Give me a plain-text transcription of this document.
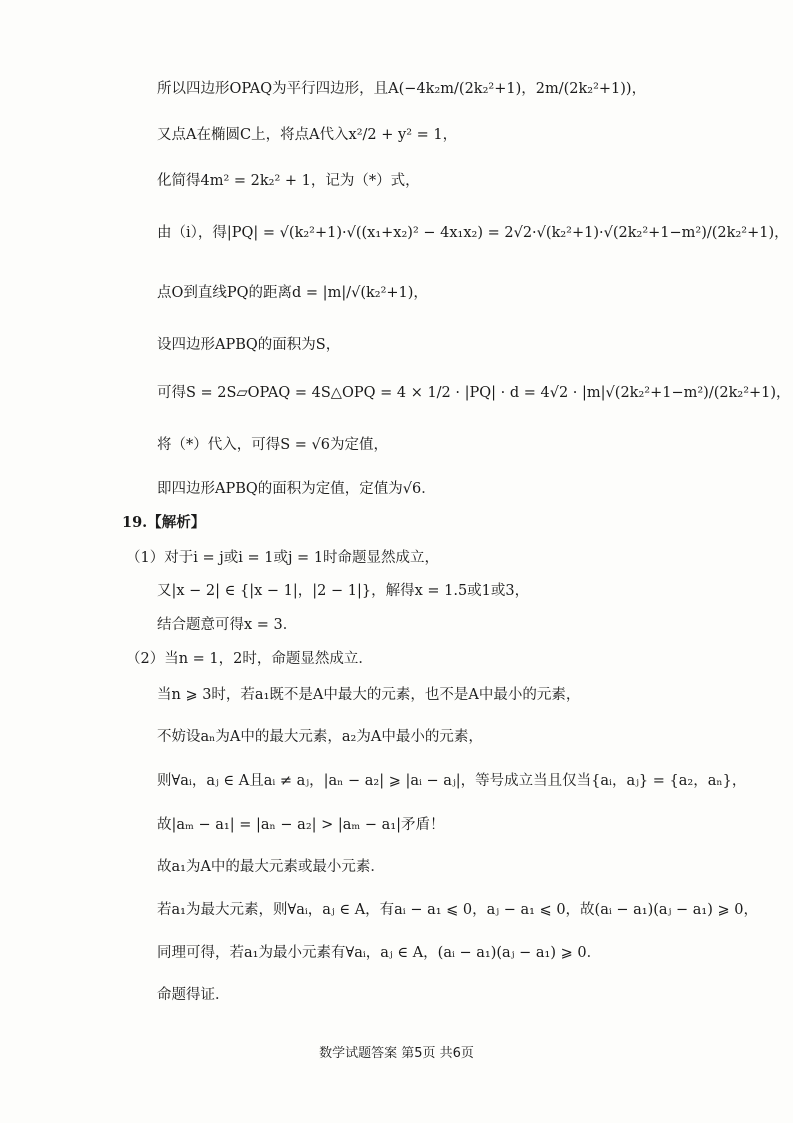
所以四边形OPAQ为平行四边形，且A(−4k₂m/(2k₂²+1)，2m/(2k₂²+1))，
又点A在椭圆C上，将点A代入x²/2 + y² = 1，
化简得4m² = 2k₂² + 1，记为（*）式，
由（i），得|PQ| = √(k₂²+1)·√((x₁+x₂)² − 4x₁x₂) = 2√2·√(k₂²+1)·√(2k₂²+1−m²)/(2k₂²+1)，
点O到直线PQ的距离d = |m|/√(k₂²+1)，
设四边形APBQ的面积为S，
可得S = 2S▱OPAQ = 4S△OPQ = 4 × 1/2 · |PQ| · d = 4√2 · |m|√(2k₂²+1−m²)/(2k₂²+1)，
将（*）代入，可得S = √6为定值，
即四边形APBQ的面积为定值，定值为√6．
19.【解析】
（1）对于i = j或i = 1或j = 1时命题显然成立，
又|x − 2| ∈ {|x − 1|，|2 − 1|}，解得x = 1.5或1或3，
结合题意可得x = 3．
（2）当n = 1，2时，命题显然成立．
当n ⩾ 3时，若a₁既不是A中最大的元素，也不是A中最小的元素，
不妨设aₙ为A中的最大元素，a₂为A中最小的元素，
则∀aᵢ，aⱼ ∈ A且aᵢ ≠ aⱼ，|aₙ − a₂| ⩾ |aᵢ − aⱼ|，等号成立当且仅当{aᵢ，aⱼ} = {a₂，aₙ}，
故|aₘ − a₁| = |aₙ − a₂| > |aₘ − a₁|矛盾！
故a₁为A中的最大元素或最小元素．
若a₁为最大元素，则∀aᵢ，aⱼ ∈ A，有aᵢ − a₁ ⩽ 0，aⱼ − a₁ ⩽ 0，故(aᵢ − a₁)(aⱼ − a₁) ⩾ 0，
同理可得，若a₁为最小元素有∀aᵢ，aⱼ ∈ A，(aᵢ − a₁)(aⱼ − a₁) ⩾ 0．
命题得证．
数学试题答案 第5页 共6页
